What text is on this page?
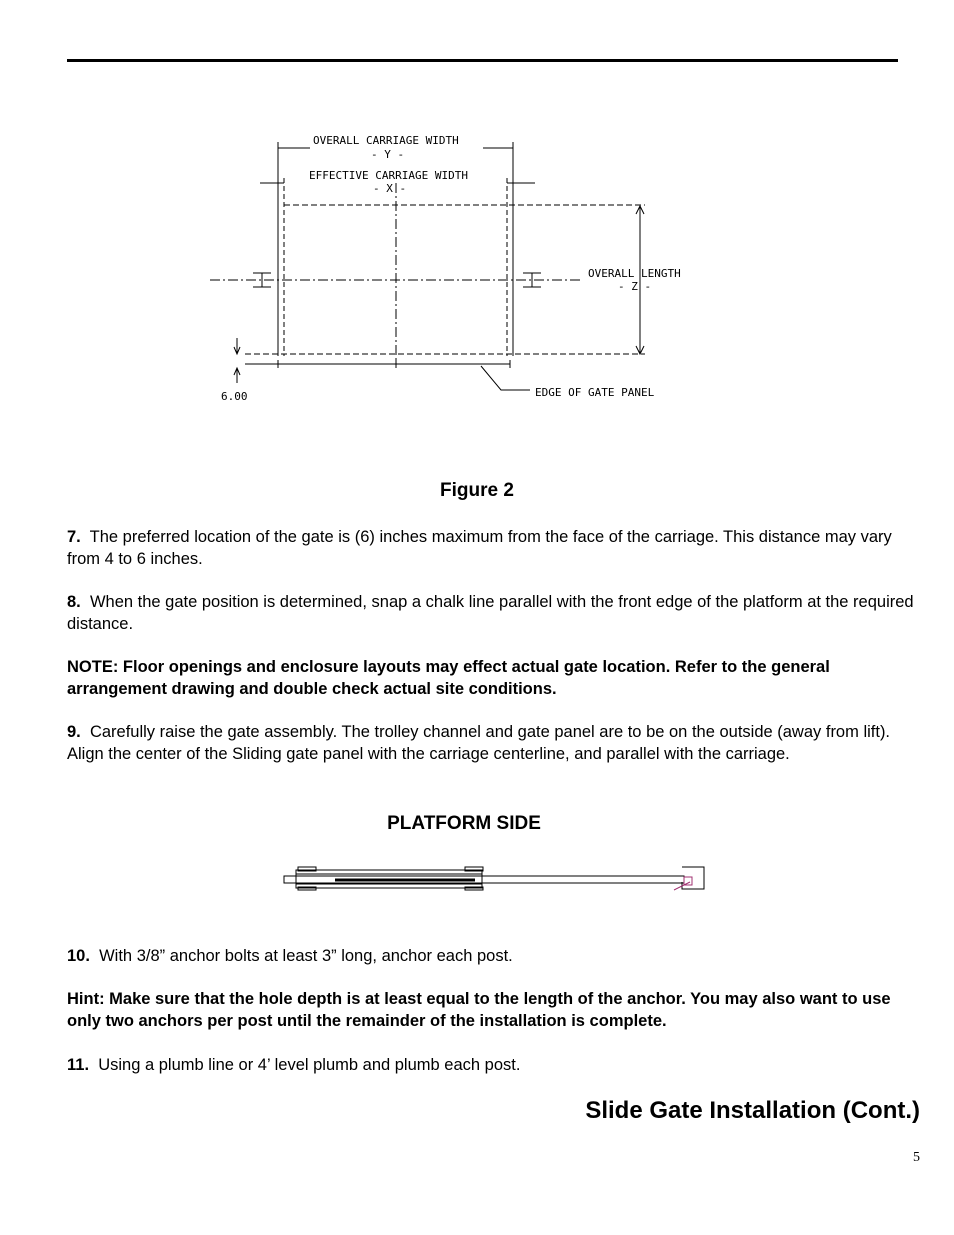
OVERALL CARRIAGE WIDTH
- Y -
EFFECTIVE CARRIAGE WIDTH
- X -
OVERALL LENGTH
- Z -
EDGE OF GATE PANEL
6.00
Figure 2

7. The preferred location of the gate is (6) inches maximum from the face of the carriage. This distance may vary from 4 to 6 inches.

8. When the gate position is determined, snap a chalk line parallel with the front edge of the platform at the required distance.

NOTE: Floor openings and enclosure layouts may effect actual gate location. Refer to the general arrangement drawing and double check actual site conditions.

9. Carefully raise the gate assembly. The trolley channel and gate panel are to be on the outside (away from lift). Align the center of the Sliding gate panel with the carriage centerline, and parallel with the carriage.

PLATFORM SIDE

10. With 3/8” anchor bolts at least 3” long, anchor each post.

Hint: Make sure that the hole depth is at least equal to the length of the anchor. You may also want to use only two anchors per post until the remainder of the installation is complete.

11. Using a plumb line or 4’ level plumb and plumb each post.

Slide Gate Installation (Cont.)
5
